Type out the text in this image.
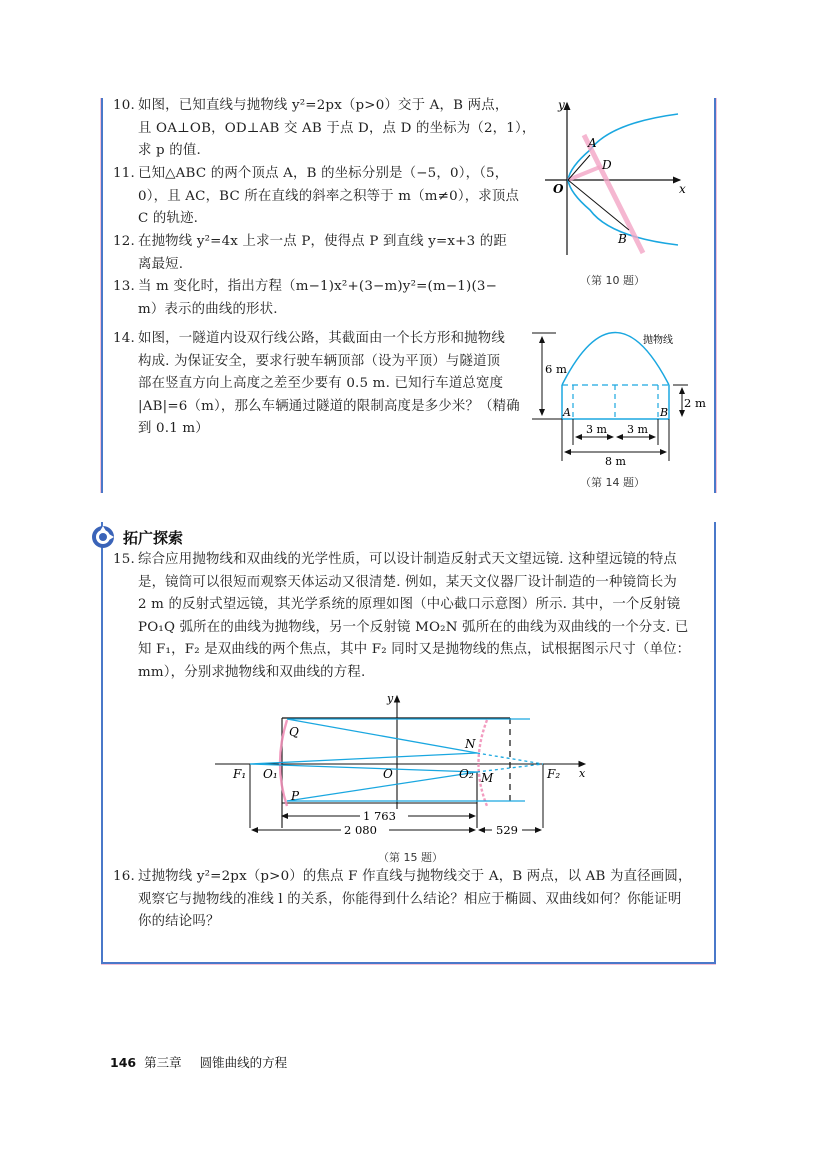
10. 如图，已知直线与抛物线 y²=2px（p>0）交于 A，B 两点，
且 OA⊥OB，OD⊥AB 交 AB 于点 D，点 D 的坐标为（2，1），
求 p 的值.
11. 已知△ABC 的两个顶点 A，B 的坐标分别是（−5，0），（5，
0），且 AC，BC 所在直线的斜率之积等于 m（m≠0），求顶点
C 的轨迹.
12. 在抛物线 y²=4x 上求一点 P，使得点 P 到直线 y=x+3 的距
离最短.
13. 当 m 变化时，指出方程（m−1)x²+(3−m)y²=(m−1)(3−
m）表示的曲线的形状.
14. 如图，一隧道内设双行线公路，其截面由一个长方形和抛物线
构成. 为保证安全，要求行驶车辆顶部（设为平顶）与隧道顶
部在竖直方向上高度之差至少要有 0.5 m. 已知行车道总宽度
|AB|=6（m），那么车辆通过隧道的限制高度是多少米？（精确
到 0.1 m）
y
x
O
A
D
B
（第 10 题）
抛物线
6 m
2 m
A	B
3 m 3 m
8 m
（第 14 题）
拓广探索
15. 综合应用抛物线和双曲线的光学性质，可以设计制造反射式天文望远镜. 这种望远镜的特点
是，镜筒可以很短而观察天体运动又很清楚. 例如，某天文仪器厂设计制造的一种镜筒长为
2 m 的反射式望远镜，其光学系统的原理如图（中心截口示意图）所示. 其中，一个反射镜
PO₁Q 弧所在的曲线为抛物线，另一个反射镜 MO₂N 弧所在的曲线为双曲线的一个分支. 已
知 F₁，F₂ 是双曲线的两个焦点，其中 F₂ 同时又是抛物线的焦点，试根据图示尺寸（单位：
mm），分别求抛物线和双曲线的方程.
1 763
2 080	529
y
x
F₁ O₁	O	O₂	F₂
Q
P
N
M
（第 15 题）
16. 过抛物线 y²=2px（p>0）的焦点 F 作直线与抛物线交于 A，B 两点，以 AB 为直径画圆，
观察它与抛物线的准线 l 的关系，你能得到什么结论？相应于椭圆、双曲线如何？你能证明
你的结论吗？
146 第三章 圆锥曲线的方程
